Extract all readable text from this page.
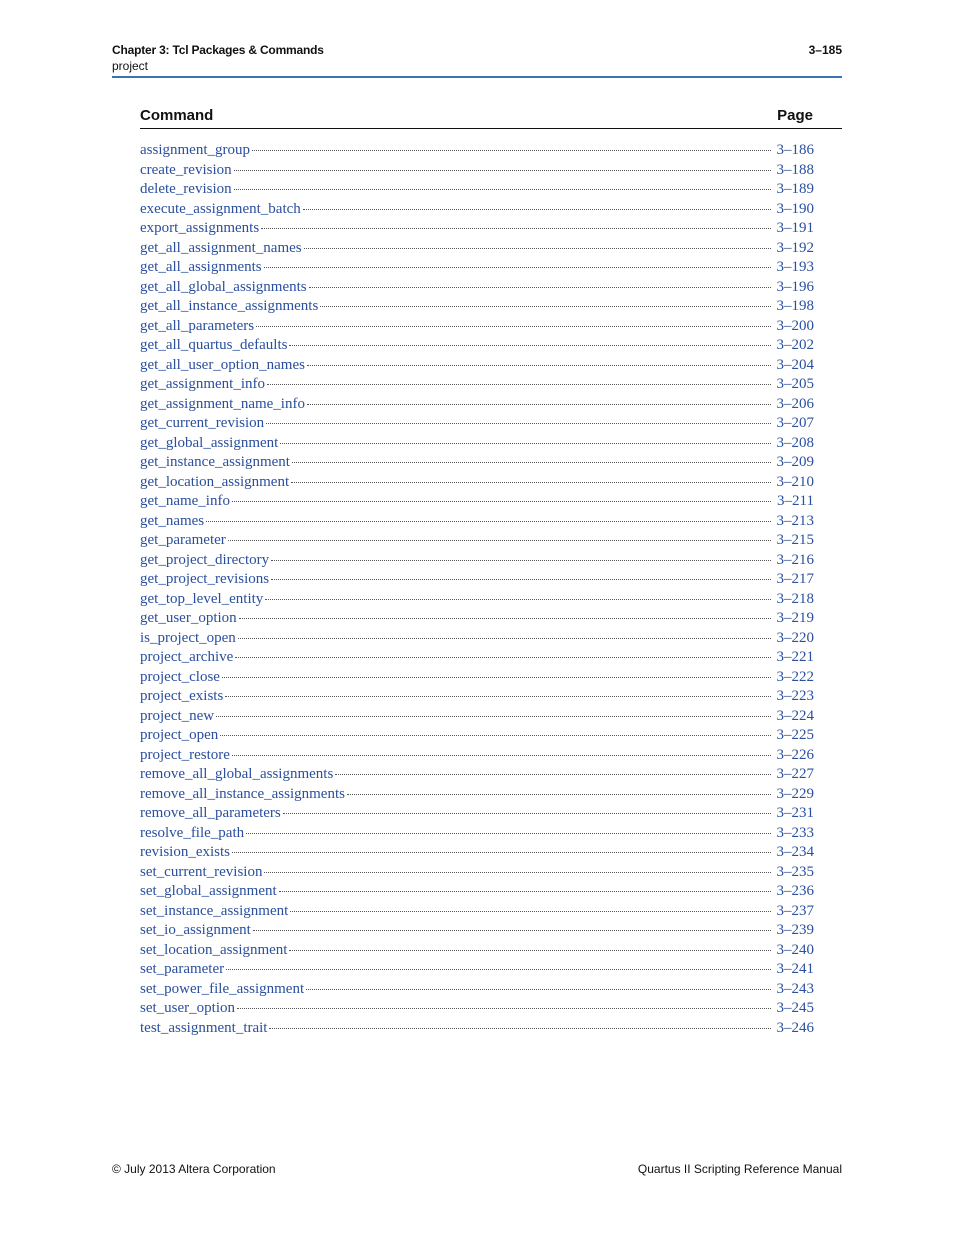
Chapter 3: Tcl Packages & Commands
project
3–185
Command	Page
assignment_group	3–186
create_revision	3–188
delete_revision	3–189
execute_assignment_batch	3–190
export_assignments	3–191
get_all_assignment_names	3–192
get_all_assignments	3–193
get_all_global_assignments	3–196
get_all_instance_assignments	3–198
get_all_parameters	3–200
get_all_quartus_defaults	3–202
get_all_user_option_names	3–204
get_assignment_info	3–205
get_assignment_name_info	3–206
get_current_revision	3–207
get_global_assignment	3–208
get_instance_assignment	3–209
get_location_assignment	3–210
get_name_info	3–211
get_names	3–213
get_parameter	3–215
get_project_directory	3–216
get_project_revisions	3–217
get_top_level_entity	3–218
get_user_option	3–219
is_project_open	3–220
project_archive	3–221
project_close	3–222
project_exists	3–223
project_new	3–224
project_open	3–225
project_restore	3–226
remove_all_global_assignments	3–227
remove_all_instance_assignments	3–229
remove_all_parameters	3–231
resolve_file_path	3–233
revision_exists	3–234
set_current_revision	3–235
set_global_assignment	3–236
set_instance_assignment	3–237
set_io_assignment	3–239
set_location_assignment	3–240
set_parameter	3–241
set_power_file_assignment	3–243
set_user_option	3–245
test_assignment_trait	3–246
© July 2013 Altera Corporation	Quartus II Scripting Reference Manual
